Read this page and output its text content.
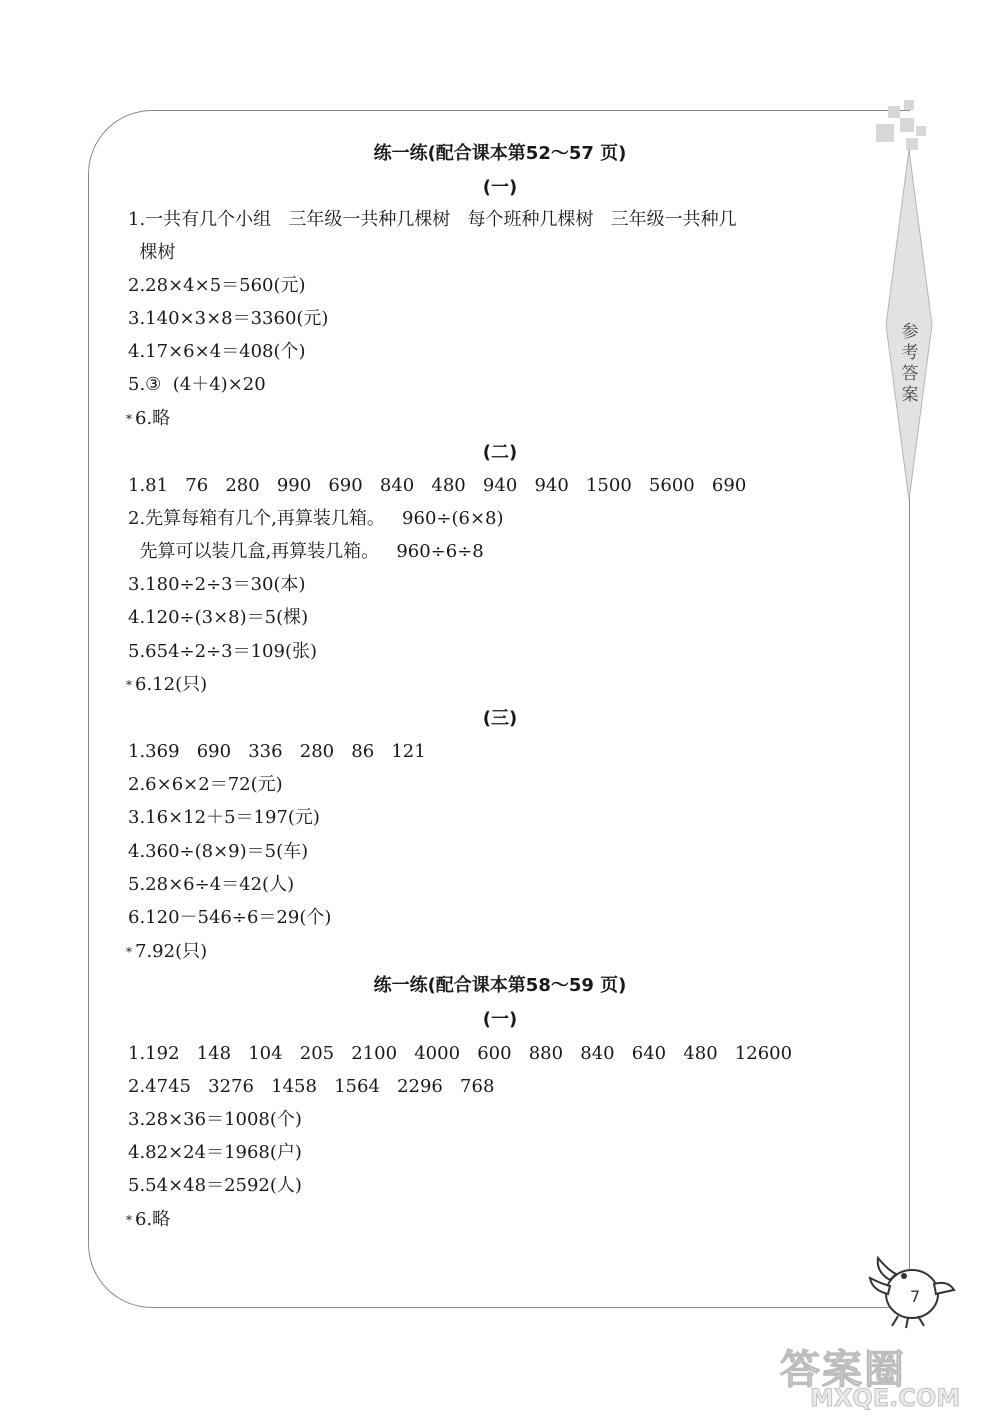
参考答案
练一练(配合课本第52～57 页)
(一)
1.一共有几个小组   三年级一共种几棵树   每个班种几棵树   三年级一共种几
棵树
2.28×4×5＝560(元)
3.140×3×8＝3360(元)
4.17×6×4＝408(个)
5.③  (4＋4)×20
* 6.略
(二)
1.81   76   280   990   690   840   480   940   940   1500   5600   690
2.先算每箱有几个,再算装几箱。   960÷(6×8)
先算可以装几盒,再算装几箱。   960÷6÷8
3.180÷2÷3＝30(本)
4.120÷(3×8)＝5(棵)
5.654÷2÷3＝109(张)
* 6.12(只)
(三)
1.369   690   336   280   86   121
2.6×6×2＝72(元)
3.16×12＋5＝197(元)
4.360÷(8×9)＝5(车)
5.28×6÷4＝42(人)
6.120－546÷6＝29(个)
* 7.92(只)
练一练(配合课本第58～59 页)
(一)
1.192   148   104   205   2100   4000   600   880   840   640   480   12600
2.4745   3276   1458   1564   2296   768
3.28×36＝1008(个)
4.82×24＝1968(户)
5.54×48＝2592(人)
* 6.略
7
答案圈
MXQE.COM
